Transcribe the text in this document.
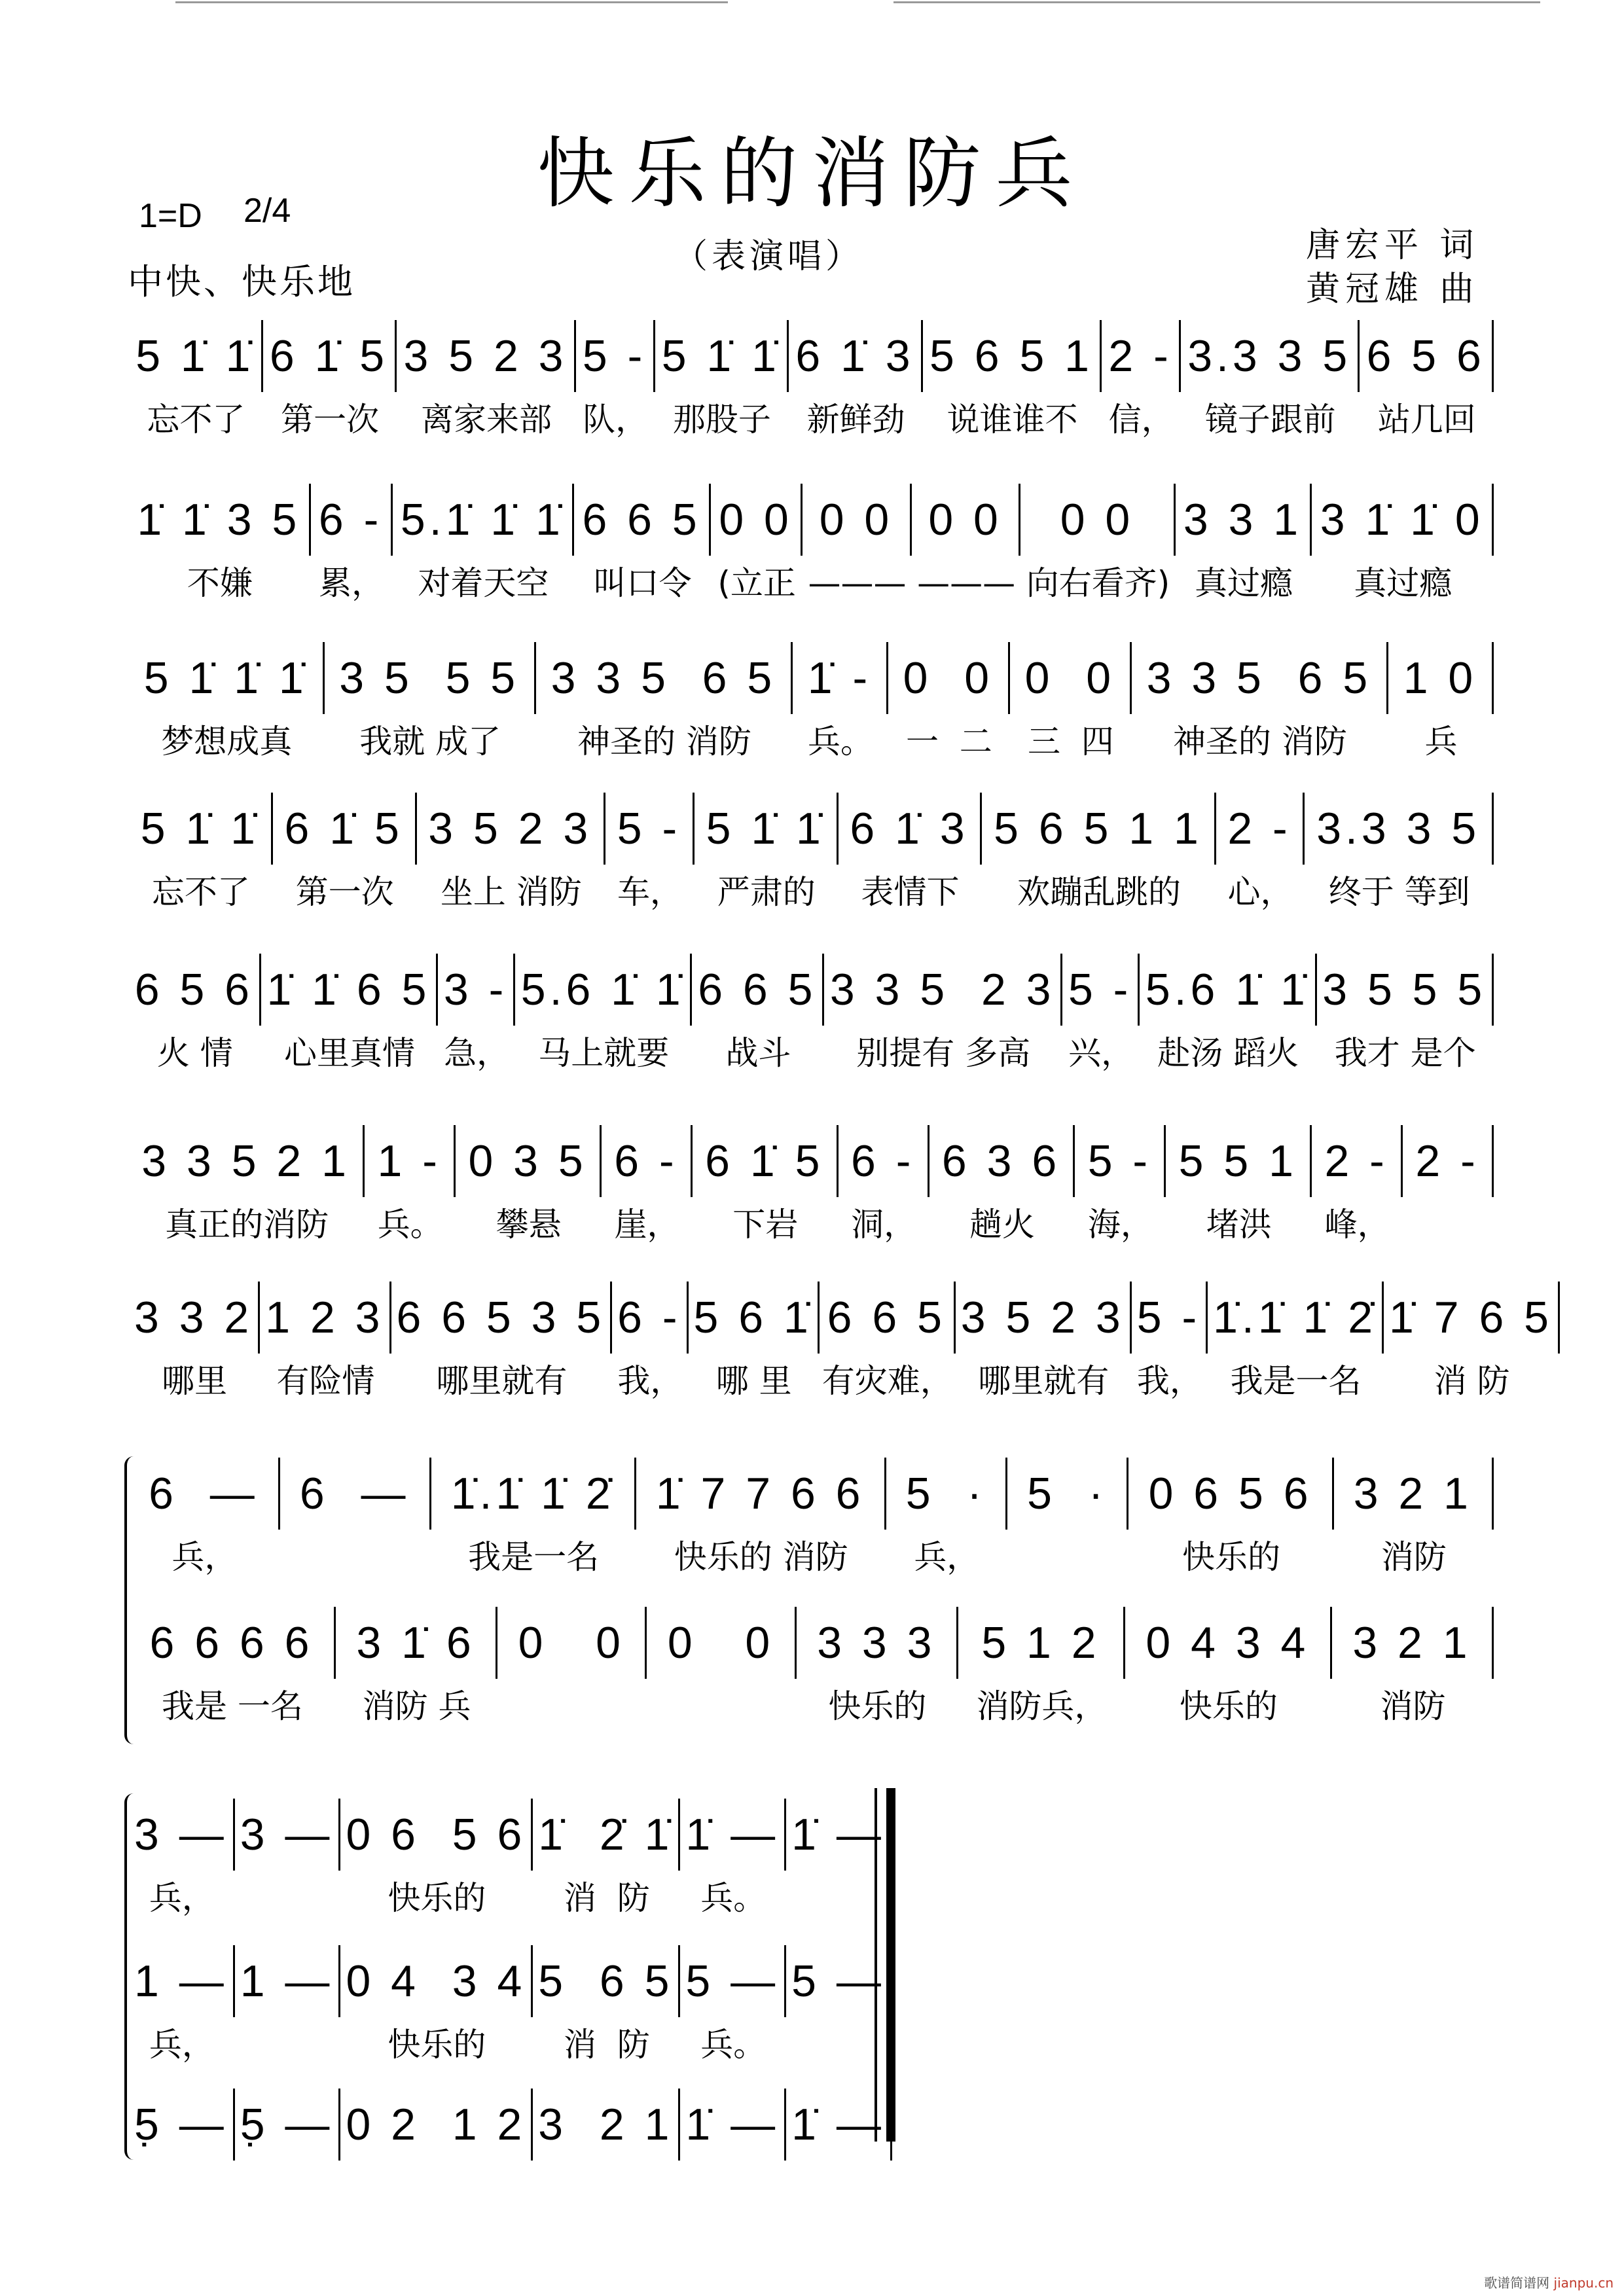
快乐的消防兵
1=D 2/4
中快、快乐地
（表演唱）	唐宏平 词
黄冠雄 曲
5 1̇ 1̇
忘不了
6 1̇ 5
第一次
3 5 2 3
离家来部
5 -
队，
5 1̇ 1̇
那股子
6 1̇ 3
新鲜劲
5 6 5 1
说谁谁不
2 -
信，
3.3 3 5
镜子跟前
6 5 6
站几回
1̇ 1̇ 3 5
不嫌
6 -
累，
5.1̇ 1̇ 1̇
对着天空
6 6 5
叫口令
0 0
(立正
0 0
———
0 0
———
0 0
向右看齐)
3 3 1
真过瘾
3 1̇ 1̇ 0
真过瘾
5 1̇ 1̇ 1̇
梦想成真
3 5  5 5
我就 成了
3 3 5  6 5
神圣的 消防
1̇ -
兵。
0  0
一  二
0  0
三  四
3 3 5  6 5
神圣的 消防
1 0
兵
5 1̇ 1̇
忘不了
6 1̇ 5
第一次
3 5 2 3
坐上 消防
5 -
车，
5 1̇ 1̇
严肃的
6 1̇ 3
表情下
5 6 5 1 1
欢蹦乱跳的
2 -
心，
3.3 3 5
终于 等到
6 5 6
火 情
1̇ 1̇ 6 5
心里真情
3 -
急，
5.6 1̇ 1̇
马上就要
6 6 5
战斗
3 3 5  2 3
别提有 多高
5 -
兴，
5.6 1̇ 1̇
赴汤 蹈火
3 5 5 5
我才 是个
3 3 5 2 1
真正的消防
1 -
兵。
0 3 5
攀悬
6 -
崖，
6 1̇ 5
下岩
6 -
洞，
6 3 6
趟火
5 -
海，
5 5 1
堵洪
2 -
峰，
2 -
3 3 2
哪里
1 2 3
有险情
6 6 5 3 5
哪里就有
6 -
我，
5 6 1̇
哪 里
6 6 5
有灾难，
3 5 2 3
哪里就有
5 -
我，
1̇.1̇ 1̇ 2̇
我是一名
1̇ 7 6 5
消 防
6  —
兵，
6  — 1̇.1̇ 1̇ 2̇
我是一名
1̇ 7 7 6 6
快乐的 消防
5  ·
兵，
5  · 0 6 5 6
快乐的
3 2 1
消防
6 6 6 6
我是 一名
3 1̇ 6
消防 兵
0   0 0   0 3 3 3
快乐的
5 1 2
消防兵，
0 4 3 4
快乐的
3 2 1
消防
3 —
兵，
3 — 0 6  5 6
快乐的
1̇  2̇ 1̇
消  防
1̇ —
兵。
1̇ —
1 —
兵，
1 — 0 4  3 4
快乐的
5  6 5
消  防
5 —
兵。
5 —
5̣ — 5̣ — 0 2  1 2 3  2 1 1̇ — 1̇ —
歌谱简谱网 jianpu.cn
